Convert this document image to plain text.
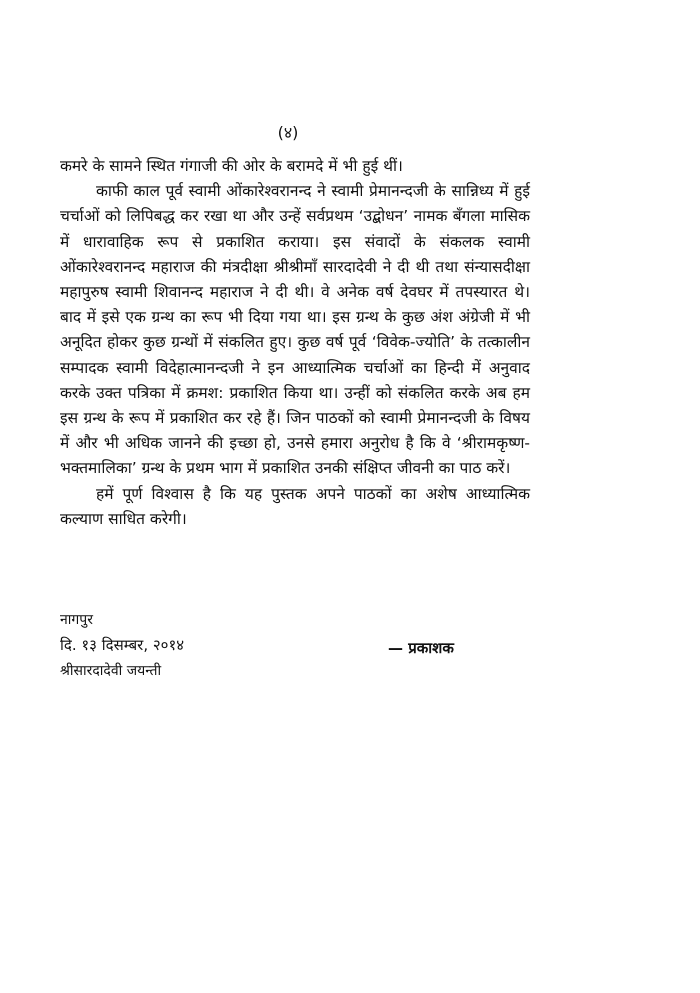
(४)

कमरे के सामने स्थित गंगाजी की ओर के बरामदे में भी हुई थीं।

काफी काल पूर्व स्वामी ओंकारेश्वरानन्द ने स्वामी प्रेमानन्दजी के सान्निध्य में हुई चर्चाओं को लिपिबद्ध कर रखा था और उन्हें सर्वप्रथम ‘उद्बोधन’ नामक बँगला मासिक में धारावाहिक रूप से प्रकाशित कराया। इस संवादों के संकलक स्वामी ओंकारेश्वरानन्द महाराज की मंत्रदीक्षा श्रीश्रीमाँ सारदादेवी ने दी थी तथा संन्यासदीक्षा महापुरुष स्वामी शिवानन्द महाराज ने दी थी। वे अनेक वर्ष देवघर में तपस्यारत थे। बाद में इसे एक ग्रन्थ का रूप भी दिया गया था। इस ग्रन्थ के कुछ अंश अंग्रेजी में भी अनूदित होकर कुछ ग्रन्थों में संकलित हुए। कुछ वर्ष पूर्व ‘विवेक-ज्योति’ के तत्कालीन सम्पादक स्वामी विदेहात्मानन्दजी ने इन आध्यात्मिक चर्चाओं का हिन्दी में अनुवाद करके उक्त पत्रिका में क्रमश: प्रकाशित किया था। उन्हीं को संकलित करके अब हम इस ग्रन्थ के रूप में प्रकाशित कर रहे हैं। जिन पाठकों को स्वामी प्रेमानन्दजी के विषय में और भी अधिक जानने की इच्छा हो, उनसे हमारा अनुरोध है कि वे ‘श्रीरामकृष्ण-भक्तमालिका’ ग्रन्थ के प्रथम भाग में प्रकाशित उनकी संक्षिप्त जीवनी का पाठ करें।

हमें पूर्ण विश्वास है कि यह पुस्तक अपने पाठकों का अशेष आध्यात्मिक कल्याण साधित करेगी।

नागपुर
दि. १३ दिसम्बर, २०१४
श्रीसारदादेवी जयन्ती
— प्रकाशक
